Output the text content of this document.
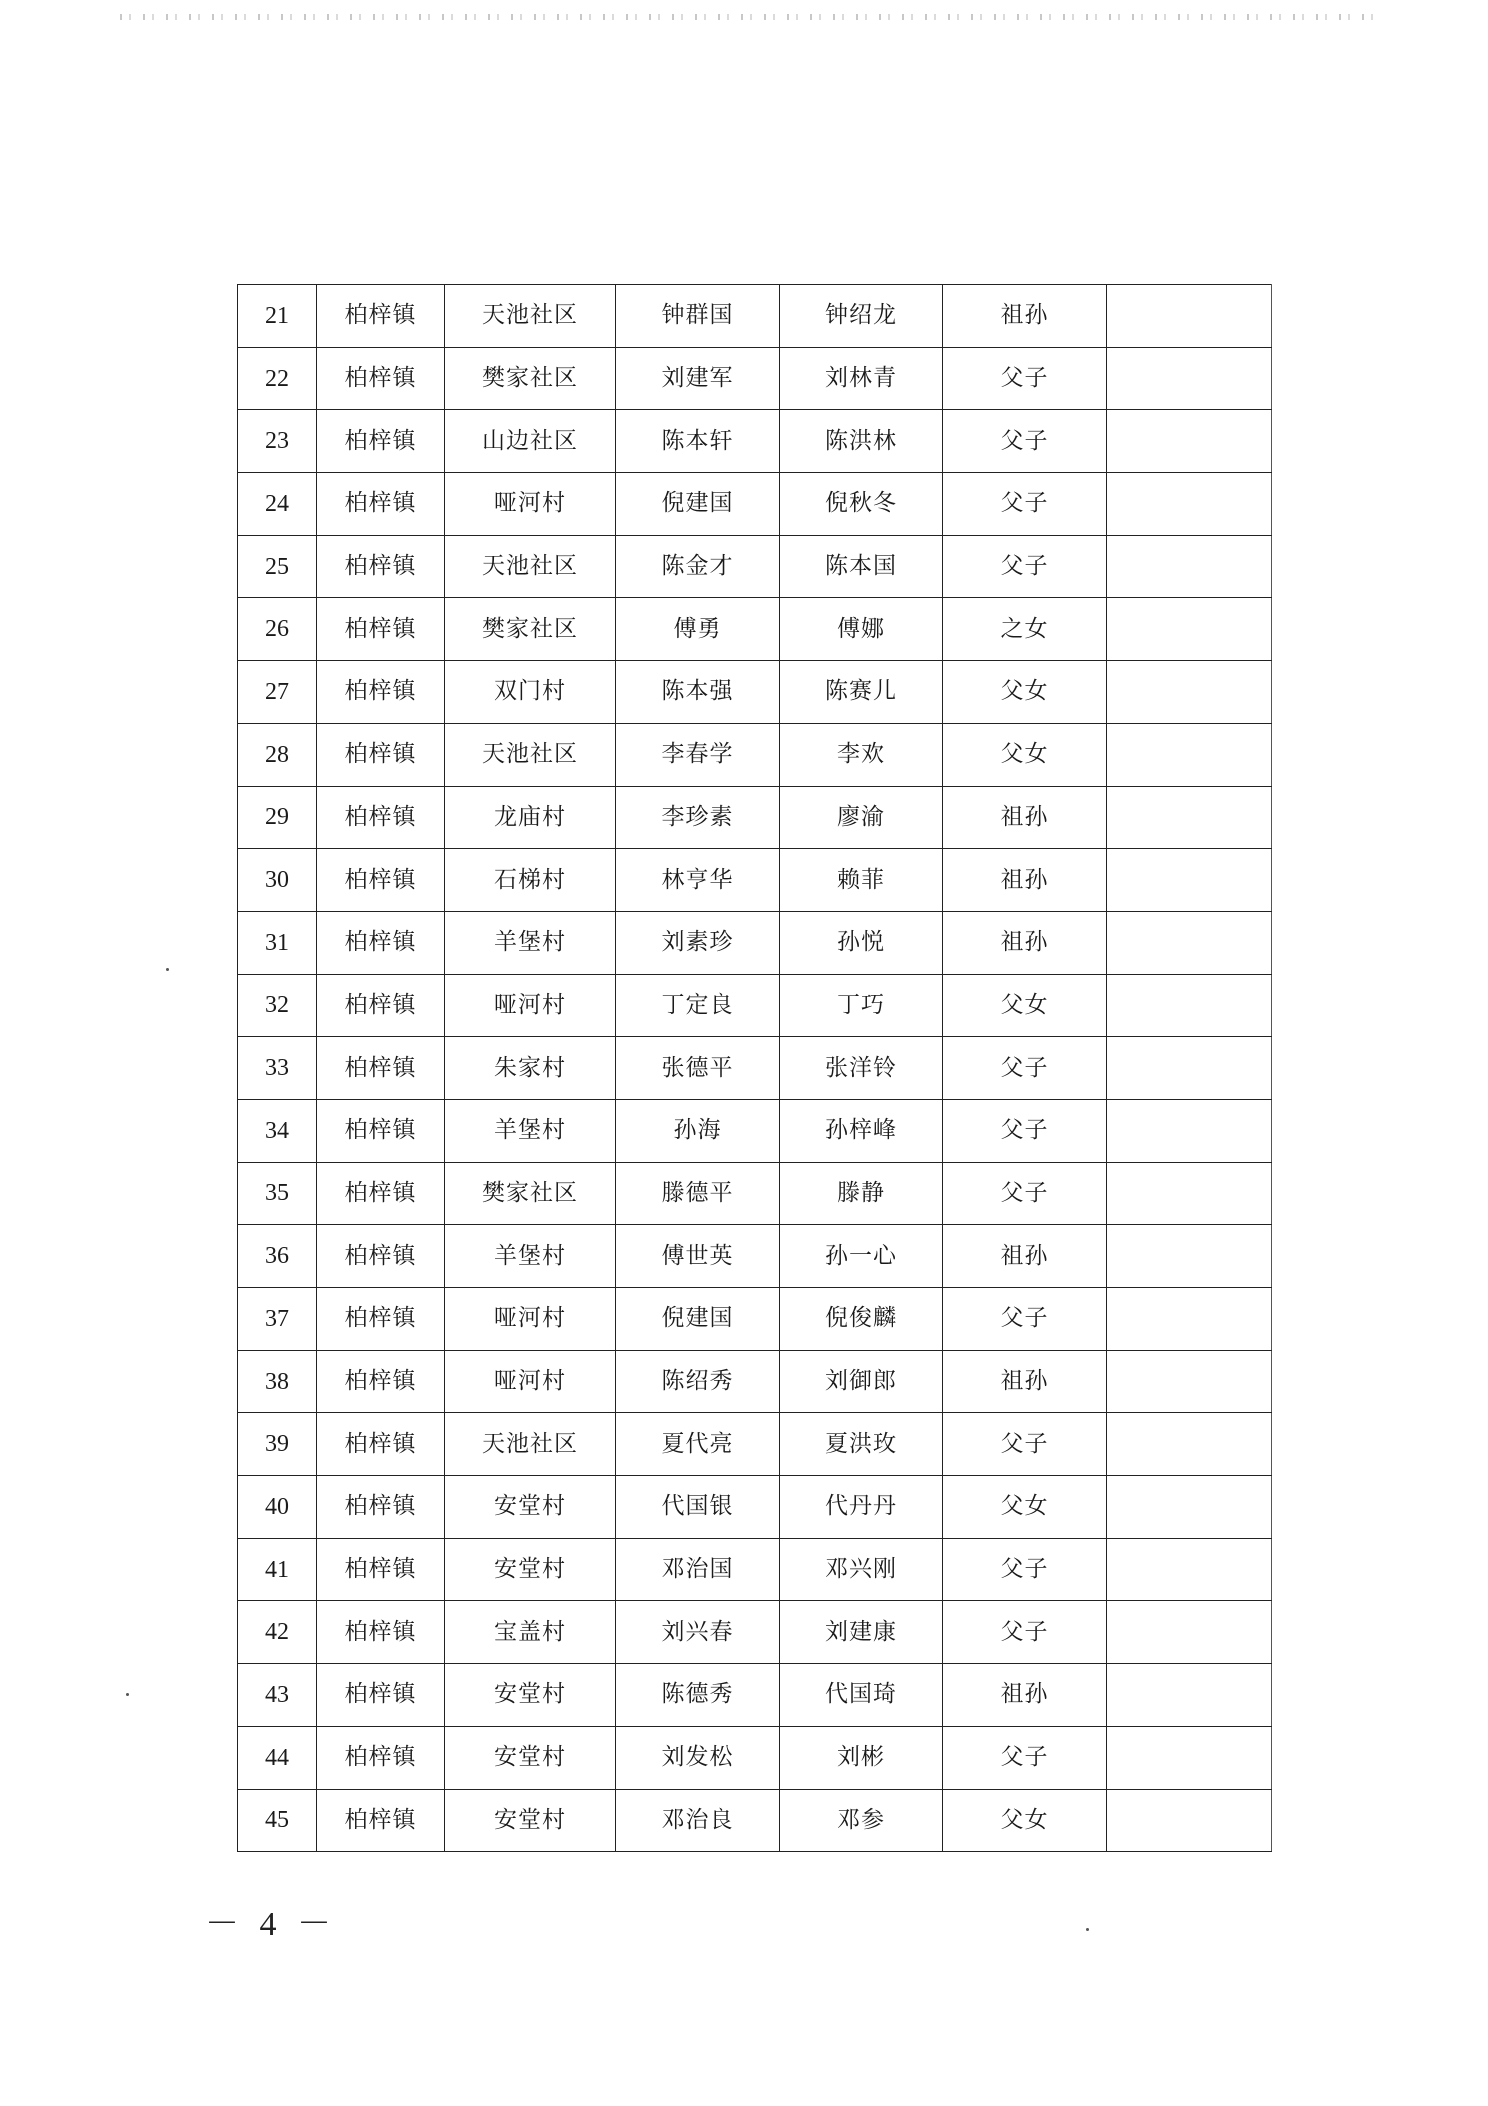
21	柏梓镇	天池社区	钟群国	钟绍龙	祖孙	
22	柏梓镇	樊家社区	刘建军	刘林青	父子	
23	柏梓镇	山边社区	陈本轩	陈洪林	父子	
24	柏梓镇	哑河村	倪建国	倪秋冬	父子	
25	柏梓镇	天池社区	陈金才	陈本国	父子	
26	柏梓镇	樊家社区	傅勇	傅娜	之女	
27	柏梓镇	双门村	陈本强	陈赛儿	父女	
28	柏梓镇	天池社区	李春学	李欢	父女	
29	柏梓镇	龙庙村	李珍素	廖渝	祖孙	
30	柏梓镇	石梯村	林亨华	赖菲	祖孙	
31	柏梓镇	羊堡村	刘素珍	孙悦	祖孙	
32	柏梓镇	哑河村	丁定良	丁巧	父女	
33	柏梓镇	朱家村	张德平	张洋铃	父子	
34	柏梓镇	羊堡村	孙海	孙梓峰	父子	
35	柏梓镇	樊家社区	滕德平	滕静	父子	
36	柏梓镇	羊堡村	傅世英	孙一心	祖孙	
37	柏梓镇	哑河村	倪建国	倪俊麟	父子	
38	柏梓镇	哑河村	陈绍秀	刘御郎	祖孙	
39	柏梓镇	天池社区	夏代亮	夏洪玫	父子	
40	柏梓镇	安堂村	代国银	代丹丹	父女	
41	柏梓镇	安堂村	邓治国	邓兴刚	父子	
42	柏梓镇	宝盖村	刘兴春	刘建康	父子	
43	柏梓镇	安堂村	陈德秀	代国琦	祖孙	
44	柏梓镇	安堂村	刘发松	刘彬	父子	
45	柏梓镇	安堂村	邓治良	邓参	父女	
－ 4 －
